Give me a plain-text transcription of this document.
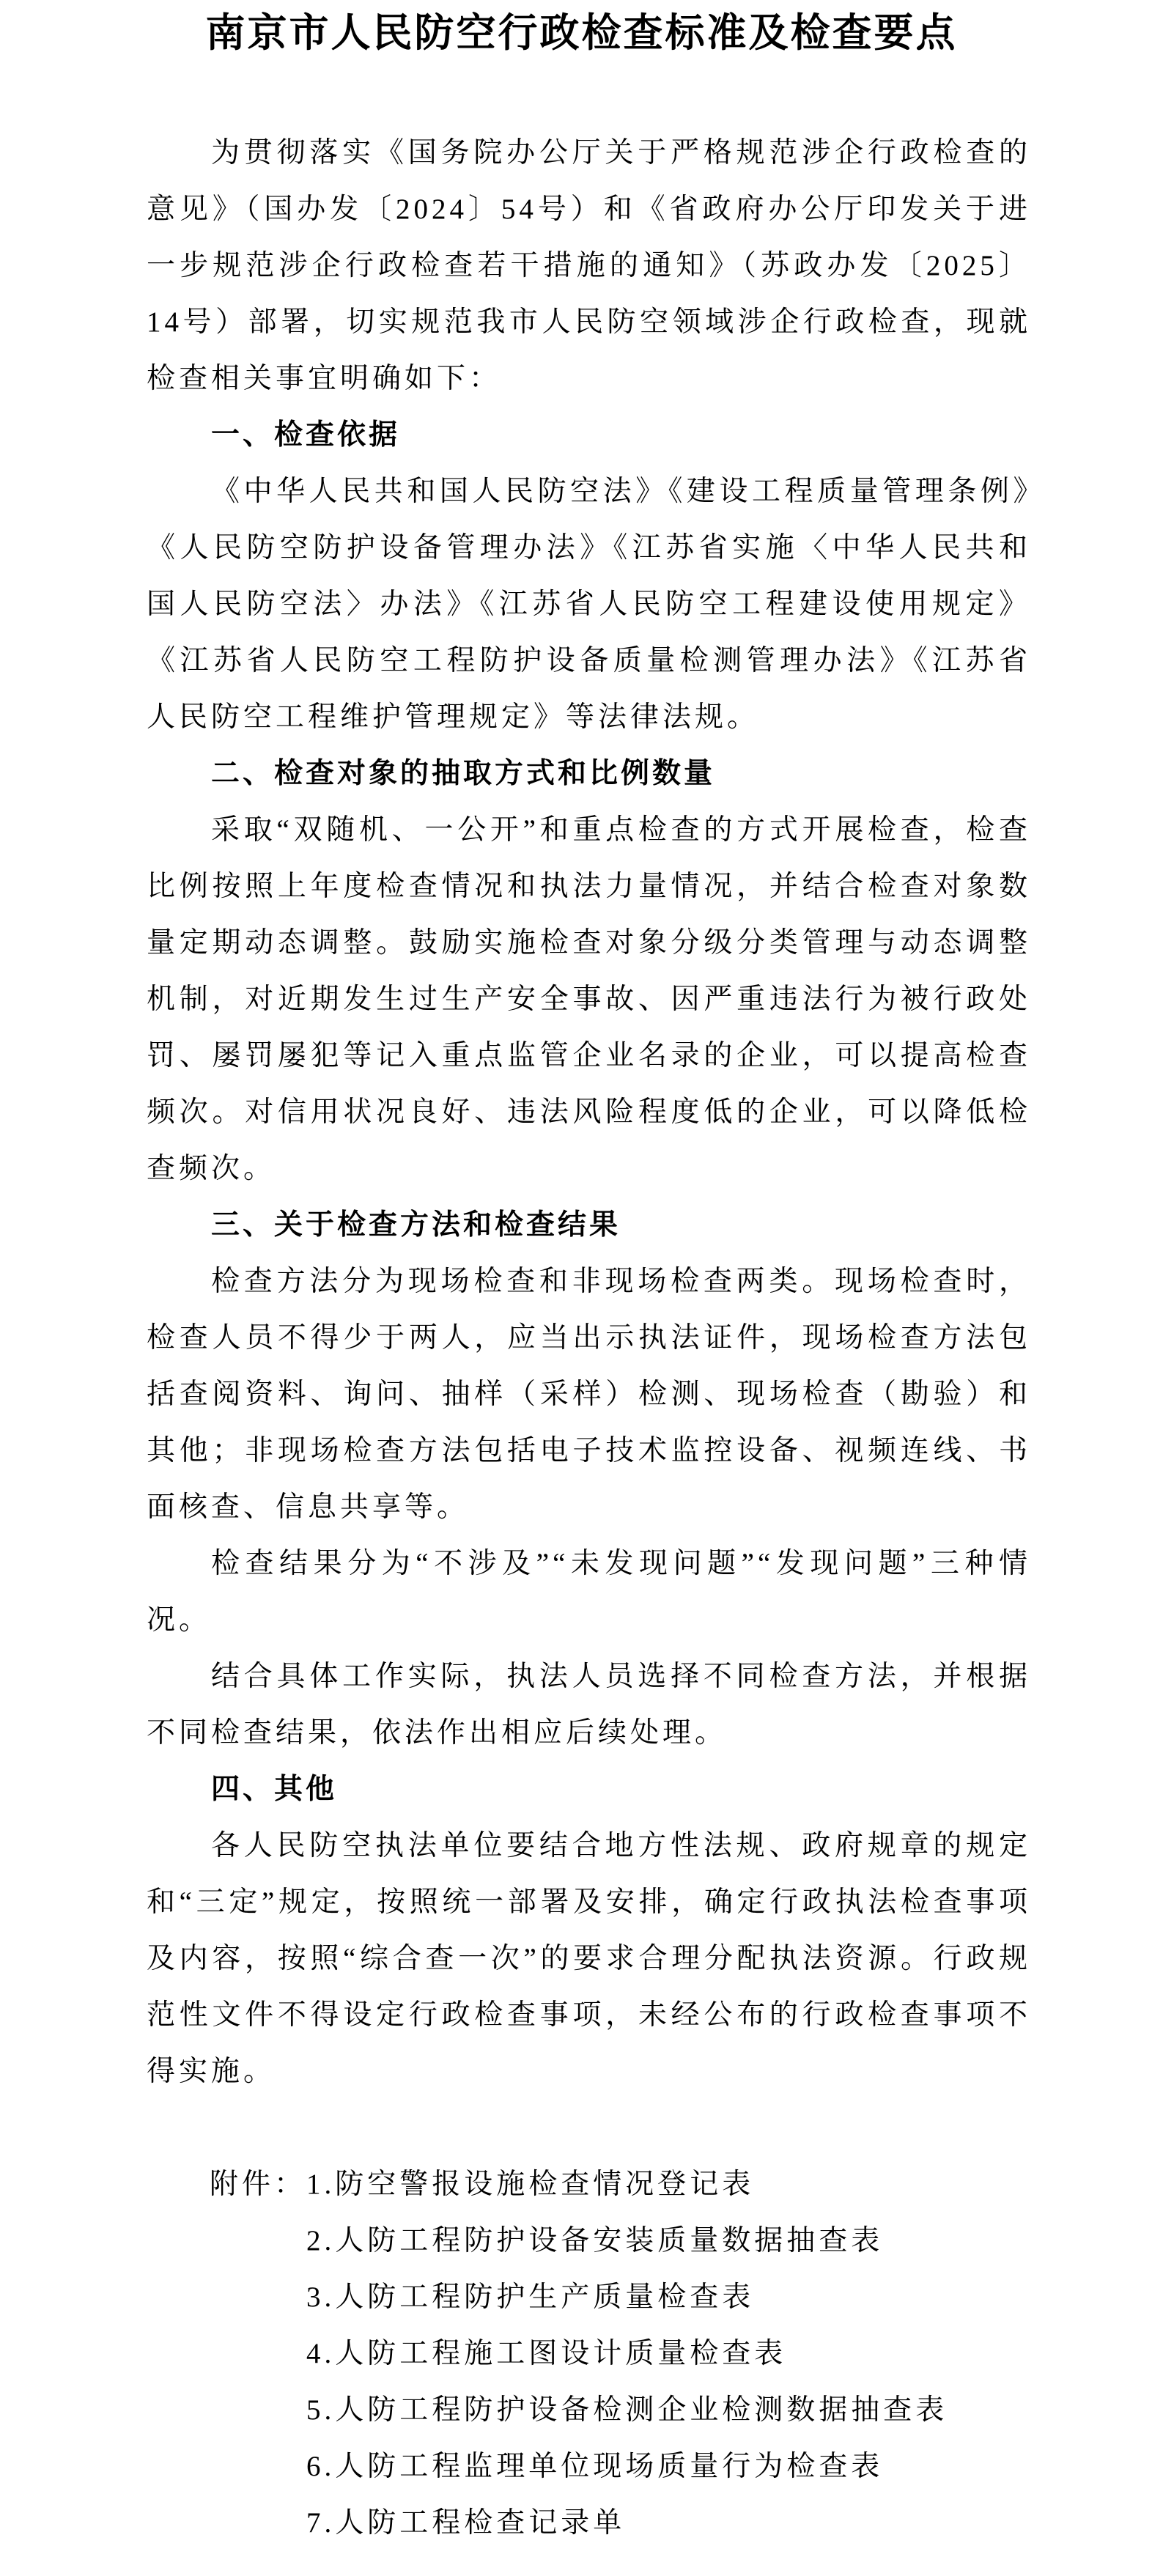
南京市人民防空行政检查标准及检查要点

为贯彻落实《国务院办公厅关于严格规范涉企行政检查的意见》（国办发〔2024〕54号）和《省政府办公厅印发关于进一步规范涉企行政检查若干措施的通知》（苏政办发〔2025〕14号）部署，切实规范我市人民防空领域涉企行政检查，现就检查相关事宜明确如下：

一、检查依据

《中华人民共和国人民防空法》《建设工程质量管理条例》《人民防空防护设备管理办法》《江苏省实施〈中华人民共和国人民防空法〉办法》《江苏省人民防空工程建设使用规定》《江苏省人民防空工程防护设备质量检测管理办法》《江苏省人民防空工程维护管理规定》等法律法规。

二、检查对象的抽取方式和比例数量

采取“双随机、一公开”和重点检查的方式开展检查，检查比例按照上年度检查情况和执法力量情况，并结合检查对象数量定期动态调整。鼓励实施检查对象分级分类管理与动态调整机制，对近期发生过生产安全事故、因严重违法行为被行政处罚、屡罚屡犯等记入重点监管企业名录的企业，可以提高检查频次。对信用状况良好、违法风险程度低的企业，可以降低检查频次。

三、关于检查方法和检查结果

检查方法分为现场检查和非现场检查两类。现场检查时，检查人员不得少于两人，应当出示执法证件，现场检查方法包括查阅资料、询问、抽样（采样）检测、现场检查（勘验）和其他；非现场检查方法包括电子技术监控设备、视频连线、书面核查、信息共享等。

检查结果分为“不涉及”“未发现问题”“发现问题”三种情况。

结合具体工作实际，执法人员选择不同检查方法，并根据不同检查结果，依法作出相应后续处理。

四、其他

各人民防空执法单位要结合地方性法规、政府规章的规定和“三定”规定，按照统一部署及安排，确定行政执法检查事项及内容，按照“综合查一次”的要求合理分配执法资源。行政规范性文件不得设定行政检查事项，未经公布的行政检查事项不得实施。

附件： 1.防空警报设施检查情况登记表
2.人防工程防护设备安装质量数据抽查表
3.人防工程防护生产质量检查表
4.人防工程施工图设计质量检查表
5.人防工程防护设备检测企业检测数据抽查表
6.人防工程监理单位现场质量行为检查表
7.人防工程检查记录单
